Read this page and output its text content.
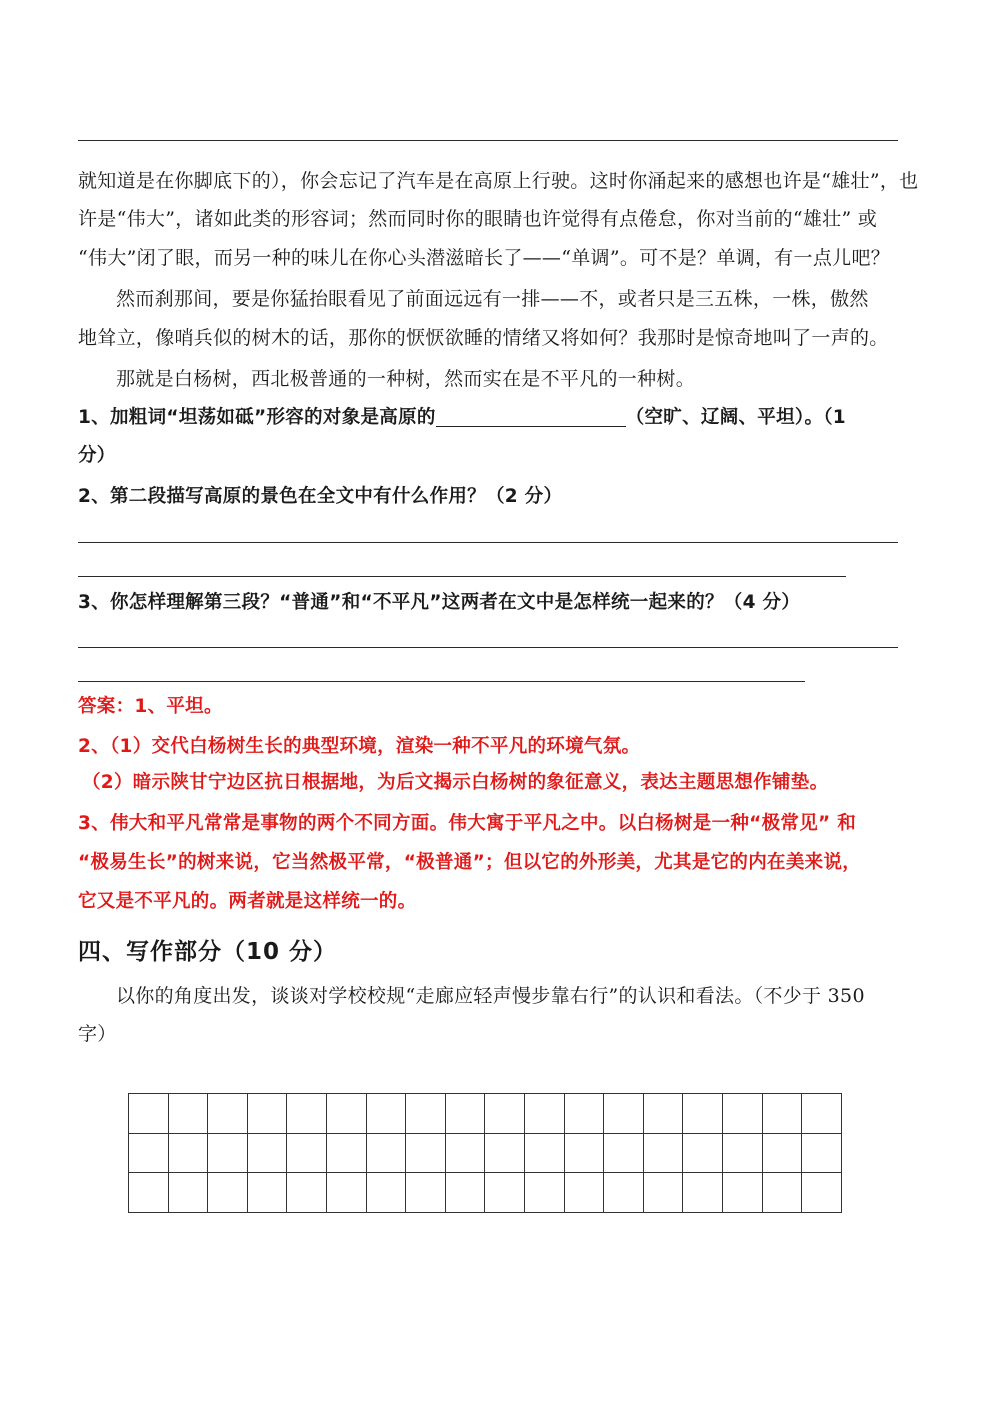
就知道是在你脚底下的），你会忘记了汽车是在高原上行驶。这时你涌起来的感想也许是“雄壮”，也
许是“伟大”，诸如此类的形容词；然而同时你的眼睛也许觉得有点倦怠，你对当前的“雄壮” 或
“伟大”闭了眼，而另一种的味儿在你心头潜滋暗长了——“单调”。可不是？单调，有一点儿吧？
然而刹那间，要是你猛抬眼看见了前面远远有一排——不，或者只是三五株，一株，傲然
地耸立，像哨兵似的树木的话，那你的恹恹欲睡的情绪又将如何？我那时是惊奇地叫了一声的。
那就是白杨树，西北极普通的一种树，然而实在是不平凡的一种树。
1、加粗词“坦荡如砥”形容的对象是高原的	（空旷、辽阔、平坦）。（1
分）
2、第二段描写高原的景色在全文中有什么作用？（2 分）
3、你怎样理解第三段？“普通”和“不平凡”这两者在文中是怎样统一起来的？（4 分）
答案：1、平坦。
2、（1）交代白杨树生长的典型环境，渲染一种不平凡的环境气氛。
（2）暗示陕甘宁边区抗日根据地，为后文揭示白杨树的象征意义，表达主题思想作铺垫。
3、伟大和平凡常常是事物的两个不同方面。伟大寓于平凡之中。以白杨树是一种“极常见” 和
“极易生长”的树来说，它当然极平常，“极普通”；但以它的外形美，尤其是它的内在美来说，
它又是不平凡的。两者就是这样统一的。
四、写作部分（10 分）
以你的角度出发，谈谈对学校校规“走廊应轻声慢步靠右行”的认识和看法。（不少于 350
字）
